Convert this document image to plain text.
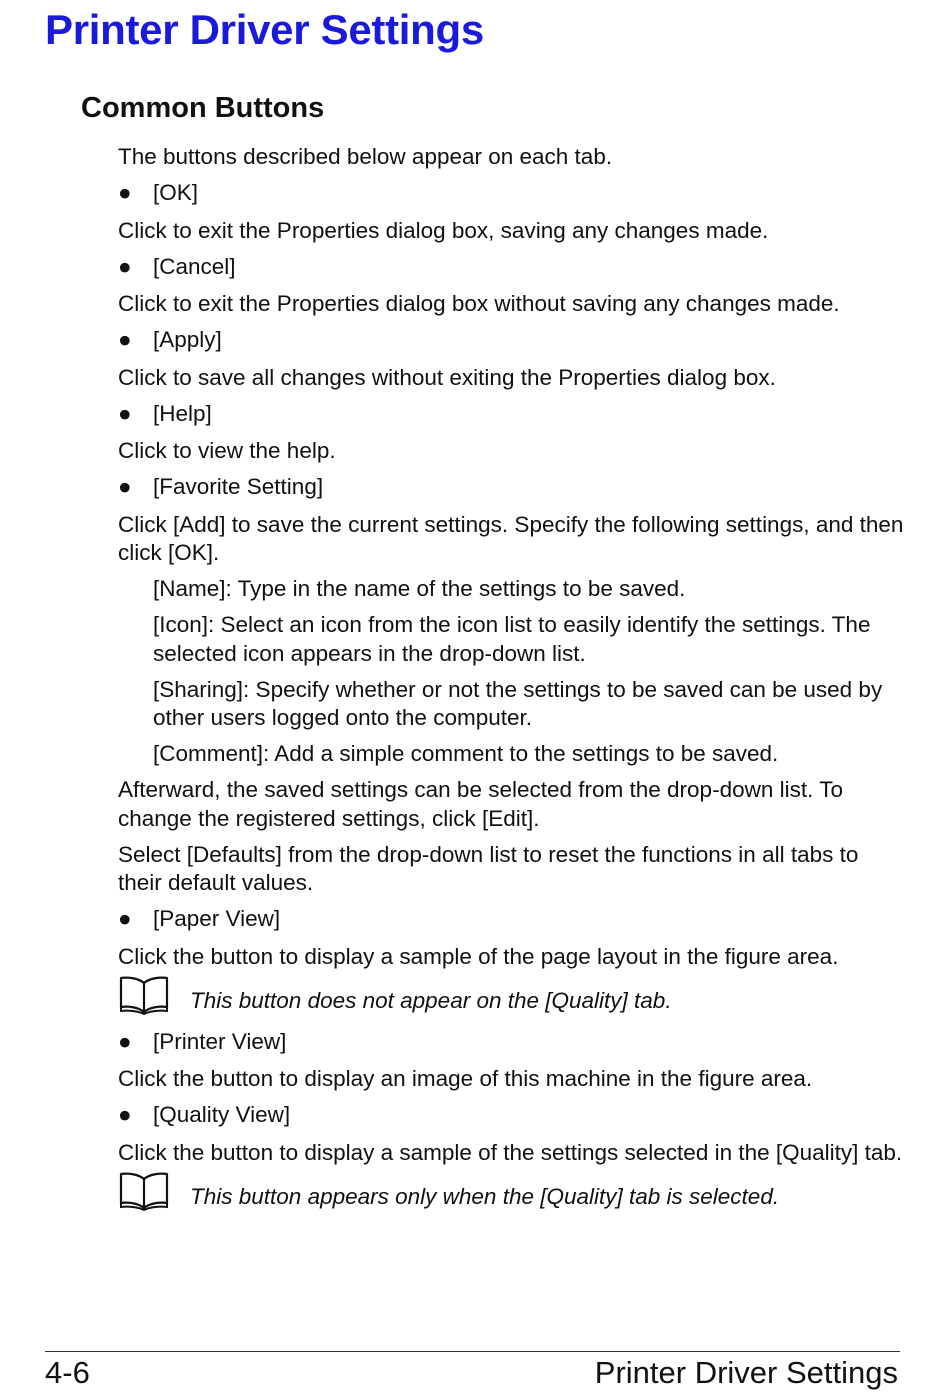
Printer Driver Settings
Common Buttons

The buttons described below appear on each tab.

● [OK]

Click to exit the Properties dialog box, saving any changes made.

● [Cancel]

Click to exit the Properties dialog box without saving any changes made.

● [Apply]

Click to save all changes without exiting the Properties dialog box.

● [Help]

Click to view the help.

● [Favorite Setting]

Click [Add] to save the current settings. Specify the following settings, and then click [OK].

[Name]: Type in the name of the settings to be saved.

[Icon]: Select an icon from the icon list to easily identify the settings. The selected icon appears in the drop-down list.

[Sharing]: Specify whether or not the settings to be saved can be used by other users logged onto the computer.

[Comment]: Add a simple comment to the settings to be saved.

Afterward, the saved settings can be selected from the drop-down list. To change the registered settings, click [Edit].

Select [Defaults] from the drop-down list to reset the functions in all tabs to their default values.

● [Paper View]

Click the button to display a sample of the page layout in the figure area.

This button does not appear on the [Quality] tab.
● [Printer View]

Click the button to display an image of this machine in the figure area.

● [Quality View]

Click the button to display a sample of the settings selected in the [Quality] tab.

This button appears only when the [Quality] tab is selected.
4-6	Printer Driver Settings
